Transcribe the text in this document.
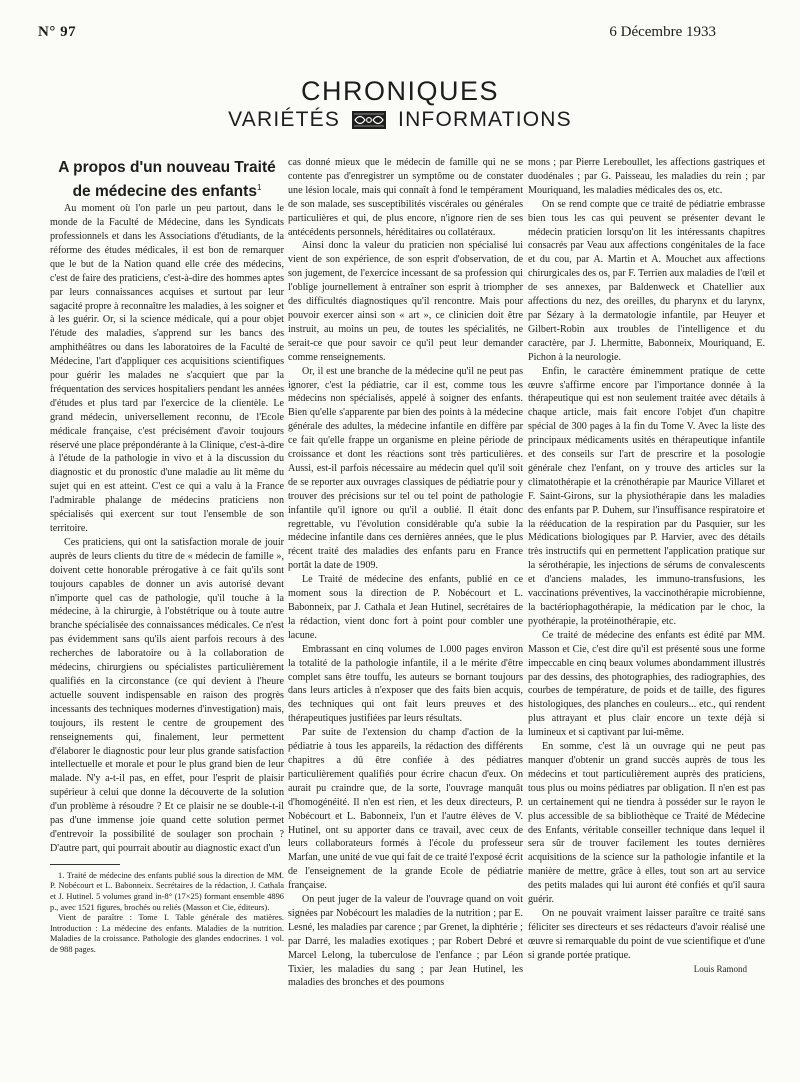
N° 97	6 Décembre 1933
CHRONIQUES
VARIÉTÉS	INFORMATIONS

A propos d'un nouveau Traité de médecine des enfants$^1$

Au moment où l'on parle un peu partout, dans le monde de la Faculté de Médecine, dans les Syndicats professionnels et dans les Associations d'étudiants, de la réforme des études médicales, il est bon de remarquer que le but de la Nation quand elle crée des médecins, c'est de faire des praticiens, c'est-à-dire des hommes aptes par leurs connaissances acquises et surtout par leur sagacité propre à reconnaître les maladies, à les soigner et à les guérir. Or, si la science médicale, qui a pour objet l'étude des maladies, s'apprend sur les bancs des amphithéâtres ou dans les laboratoires de la Faculté de Médecine, l'art d'appliquer ces acquisitions scientifiques pour guérir les malades ne s'acquiert que par la fréquentation des services hospitaliers pendant les années d'études et plus tard par l'exercice de la clientèle. Le grand médecin, universellement reconnu, de l'Ecole médicale française, c'est précisément d'avoir toujours réservé une place prépondérante à la Clinique, c'est-à-dire à l'étude de la pathologie in vivo et à la discussion du diagnostic et du pronostic d'une maladie au lit même du sujet qui en est atteint. C'est ce qui a valu à la France l'admirable phalange de médecins praticiens non spécialisés qui exercent sur tout l'ensemble de son territoire.

Ces praticiens, qui ont la satisfaction morale de jouir auprès de leurs clients du titre de « médecin de famille », doivent cette honorable prérogative à ce fait qu'ils sont toujours capables de donner un avis autorisé devant n'importe quel cas de pathologie, qu'il touche à la médecine, à la chirurgie, à l'obstétrique ou à toute autre branche spécialisée des connaissances médicales. Ce n'est pas évidemment sans qu'ils aient parfois recours à des recherches de laboratoire ou à la collaboration de médecins, chirurgiens ou spécialistes particulièrement qualifiés en la circonstance (ce qui devient à l'heure actuelle souvent indispensable en raison des progrès incessants des techniques modernes d'investigation) mais, toujours, ils restent le centre de groupement des renseignements qui, finalement, leur permettent d'élaborer le diagnostic pour leur plus grande satisfaction intellectuelle et morale et pour le plus grand bien de leur malade. N'y a-t-il pas, en effet, pour l'esprit de plaisir supérieur à celui que donne la découverte de la solution d'un problème à résoudre ? Et ce plaisir ne se double-t-il pas d'une immense joie quand cette solution permet d'entrevoir la possibilité de soulager son prochain ? D'autre part, qui pourrait aboutir au diagnostic exact d'un

1. Traité de médecine des enfants publié sous la direction de MM. P. Nobécourt et L. Babonneix. Secrétaires de la rédaction, J. Cathala et J. Hutinel. 5 volumes grand in-8° (17×25) formant ensemble 4896 p., avec 1521 figures, brochés ou reliés (Masson et Cie, éditeurs).

Vient de paraître : Tome I. Table générale des matières. Introduction : La médecine des enfants. Maladies de la nutrition. Maladies de la croissance. Pathologie des glandes endocrines. 1 vol. de 988 pages.

cas donné mieux que le médecin de famille qui ne se contente pas d'enregistrer un symptôme ou de constater une lésion locale, mais qui connaît à fond le tempérament de son malade, ses susceptibilités viscérales ou générales particulières et qui, de plus encore, n'ignore rien de ses antécédents personnels, héréditaires ou collatéraux.

Ainsi donc la valeur du praticien non spécialisé lui vient de son expérience, de son esprit d'observation, de son jugement, de l'exercice incessant de sa profession qui l'oblige journellement à entraîner son esprit à triompher des difficultés diagnostiques qu'il rencontre. Mais pour pouvoir exercer ainsi son « art », ce clinicien doit être instruit, au moins un peu, de toutes les spécialités, ne serait-ce que pour savoir ce qu'il peut leur demander comme renseignements.

Or, il est une branche de la médecine qu'il ne peut pas ignorer, c'est la pédiatrie, car il est, comme tous les médecins non spécialisés, appelé à soigner des enfants. Bien qu'elle s'apparente par bien des points à la médecine générale des adultes, la médecine infantile en diffère par ce fait qu'elle frappe un organisme en pleine période de croissance et dont les réactions sont très particulières. Aussi, est-il parfois nécessaire au médecin quel qu'il soit de se reporter aux ouvrages classiques de pédiatrie pour y trouver des précisions sur tel ou tel point de pathologie infantile qu'il ignore ou qu'il a oublié. Il était donc regrettable, vu l'évolution considérable qu'a subie la médecine infantile dans ces dernières années, que le plus récent traité des maladies des enfants paru en France portât la date de 1909.

Le Traité de médecine des enfants, publié en ce moment sous la direction de P. Nobécourt et L. Babonneix, par J. Cathala et Jean Hutinel, secrétaires de la rédaction, vient donc fort à point pour combler une lacune.

Embrassant en cinq volumes de 1.000 pages environ la totalité de la pathologie infantile, il a le mérite d'être complet sans être touffu, les auteurs se bornant toujours dans leurs articles à n'exposer que des faits bien acquis, des techniques qui ont fait leurs preuves et des thérapeutiques justifiées par leurs résultats.

Par suite de l'extension du champ d'action de la pédiatrie à tous les appareils, la rédaction des différents chapitres a dû être confiée à des pédiatres particulièrement qualifiés pour écrire chacun d'eux. On aurait pu craindre que, de la sorte, l'ouvrage manquât d'homogénéité. Il n'en est rien, et les deux directeurs, P. Nobécourt et L. Babonneix, l'un et l'autre élèves de V. Hutinel, ont su apporter dans ce travail, avec ceux de leurs collaborateurs formés à l'école du professeur Marfan, une unité de vue qui fait de ce traité l'exposé écrit de l'enseignement de la grande Ecole de pédiatrie française.

On peut juger de la valeur de l'ouvrage quand on voit signées par Nobécourt les maladies de la nutrition ; par E. Lesné, les maladies par carence ; par Grenet, la diphtérie ; par Darré, les maladies exotiques ; par Robert Debré et Marcel Lelong, la tuberculose de l'enfance ; par Léon Tixier, les maladies du sang ; par Jean Hutinel, les maladies des bronches et des poumons

mons ; par Pierre Lereboullet, les affections gastriques et duodénales ; par G. Paisseau, les maladies du rein ; par Mouriquand, les maladies médicales des os, etc.

On se rend compte que ce traité de pédiatrie embrasse bien tous les cas qui peuvent se présenter devant le médecin praticien lorsqu'on lit les intéressants chapitres consacrés par Veau aux affections congénitales de la face et du cou, par A. Martin et A. Mouchet aux affections chirurgicales des os, par F. Terrien aux maladies de l'œil et de ses annexes, par Baldenweck et Chatellier aux affections du nez, des oreilles, du pharynx et du larynx, par Sézary à la dermatologie infantile, par Heuyer et Gilbert-Robin aux troubles de l'intelligence et du caractère, par J. Lhermitte, Babonneix, Mouriquand, E. Pichon à la neurologie.

Enfin, le caractère éminemment pratique de cette œuvre s'affirme encore par l'importance donnée à la thérapeutique qui est non seulement traitée avec détails à chaque article, mais fait encore l'objet d'un chapitre spécial de 300 pages à la fin du Tome V. Avec la liste des principaux médicaments usités en thérapeutique infantile et des conseils sur l'art de prescrire et la posologie générale chez l'enfant, on y trouve des articles sur la climatothérapie et la crénothérapie par Maurice Villaret et F. Saint-Girons, sur la physiothérapie dans les maladies des enfants par P. Duhem, sur l'insuffisance respiratoire et la rééducation de la respiration par du Pasquier, sur les Médications biologiques par P. Harvier, avec des détails très instructifs qui en permettent l'application pratique sur la sérothérapie, les injections de sérums de convalescents et d'anciens malades, les immuno-transfusions, les vaccinations préventives, la vaccinothérapie microbienne, la bactériophagothérapie, la médication par le choc, la pyothérapie, la protéinothérapie, etc.

Ce traité de médecine des enfants est édité par MM. Masson et Cie, c'est dire qu'il est présenté sous une forme impeccable en cinq beaux volumes abondamment illustrés par des dessins, des photographies, des radiographies, des courbes de température, de poids et de taille, des figures histologiques, des planches en couleurs... etc., qui rendent plus attrayant et plus clair encore un texte déjà si lumineux et si captivant par lui-même.

En somme, c'est là un ouvrage qui ne peut pas manquer d'obtenir un grand succès auprès de tous les médecins et tout particulièrement auprès des praticiens, tous plus ou moins pédiatres par obligation. Il n'en est pas un certainement qui ne tiendra à posséder sur le rayon le plus accessible de sa bibliothèque ce Traité de Médecine des Enfants, véritable conseiller technique dans lequel il sera sûr de trouver facilement les toutes dernières acquisitions de la science sur la pathologie infantile et la manière de mettre, grâce à elles, tout son art au service des petits malades qui lui auront été confiés et qu'il saura guérir.

On ne pouvait vraiment laisser paraître ce traité sans féliciter ses directeurs et ses rédacteurs d'avoir réalisé une œuvre si remarquable du point de vue scientifique et d'une si grande portée pratique.

Louis Ramond
